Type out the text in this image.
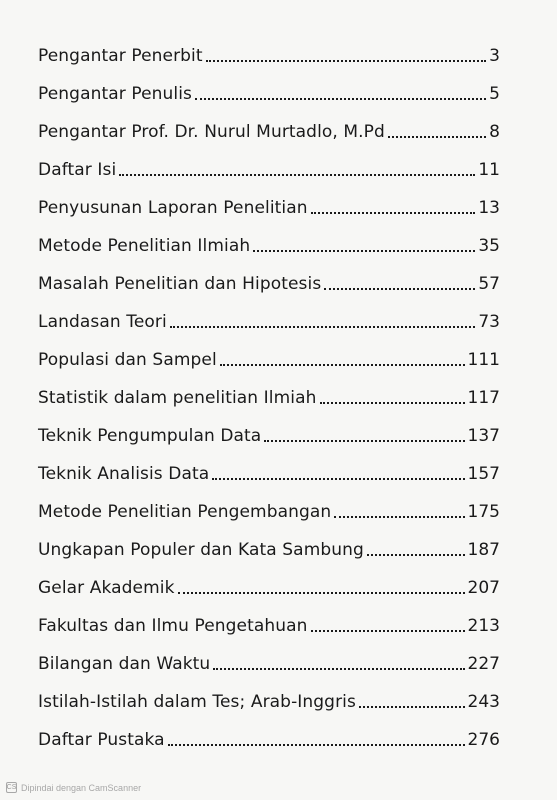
Pengantar Penerbit	3
Pengantar Penulis	5
Pengantar Prof. Dr. Nurul Murtadlo, M.Pd	8
Daftar Isi	11
Penyusunan Laporan Penelitian	13
Metode Penelitian Ilmiah	35
Masalah Penelitian dan Hipotesis	57
Landasan Teori	73
Populasi dan Sampel	111
Statistik dalam penelitian Ilmiah	117
Teknik Pengumpulan Data	137
Teknik Analisis Data	157
Metode Penelitian Pengembangan	175
Ungkapan Populer dan Kata Sambung	187
Gelar Akademik	207
Fakultas dan Ilmu Pengetahuan	213
Bilangan dan Waktu	227
Istilah-Istilah dalam Tes; Arab-Inggris	243
Daftar Pustaka	276
CS Dipindai dengan CamScanner
